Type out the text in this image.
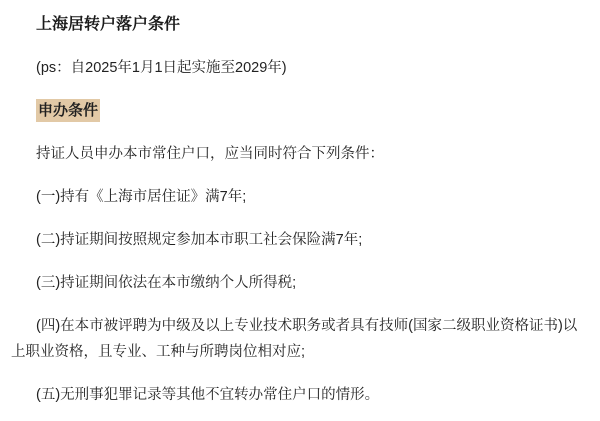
上海居转户落户条件

(ps：自2025年1月1日起实施至2029年)

申办条件

持证人员申办本市常住户口，应当同时符合下列条件：

(一)持有《上海市居住证》满7年;

(二)持证期间按照规定参加本市职工社会保险满7年;

(三)持证期间依法在本市缴纳个人所得税;

(四)在本市被评聘为中级及以上专业技术职务或者具有技师(国家二级职业资格证书)以上职业资格，且专业、工种与所聘岗位相对应;

(五)无刑事犯罪记录等其他不宜转办常住户口的情形。
